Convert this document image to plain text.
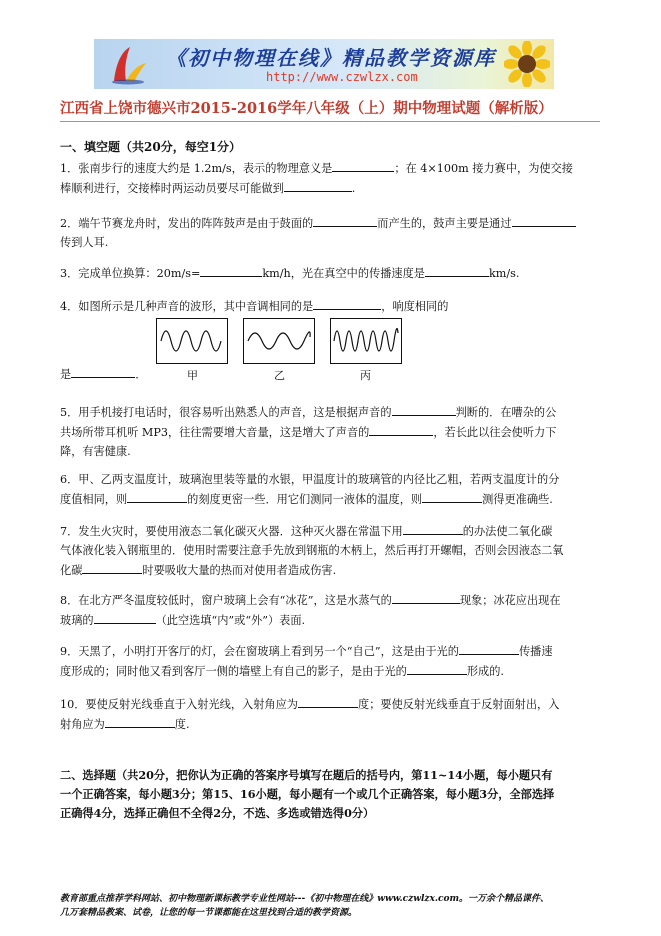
《初中物理在线》精品教学资源库
http://www.czwlzx.com
江西省上饶市德兴市2015-2016学年八年级（上）期中物理试题（解析版）
一、填空题（共20分，每空1分）
1．张南步行的速度大约是 1.2m/s，表示的物理意义是	；在 4×100m 接力赛中，为使交接
棒顺利进行，交接棒时两运动员要尽可能做到	.
2．端午节赛龙舟时，发出的阵阵鼓声是由于鼓面的	而产生的，鼓声主要是通过
传到人耳.
3．完成单位换算：20m/s=	km/h，光在真空中的传播速度是	km/s.
4．如图所示是几种声音的波形，其中音调相同的是	，响度相同的
甲	乙	丙
是	．
5．用手机接打电话时，很容易听出熟悉人的声音，这是根据声音的	判断的．在嘈杂的公
共场所带耳机听 MP3，往往需要增大音量，这是增大了声音的	，若长此以往会使听力下
降，有害健康.
6．甲、乙两支温度计，玻璃泡里装等量的水银，甲温度计的玻璃管的内径比乙粗，若两支温度计的分
度值相同，则	的刻度更密一些．用它们测同一液体的温度，则	测得更准确些.
7．发生火灾时，要使用液态二氧化碳灭火器．这种灭火器在常温下用	的办法使二氧化碳
气体液化装入钢瓶里的．使用时需要注意手先放到钢瓶的木柄上，然后再打开螺帽，否则会因液态二氧
化碳	时要吸收大量的热而对使用者造成伤害.
8．在北方严冬温度较低时，窗户玻璃上会有“冰花”，这是水蒸气的	现象；冰花应出现在
玻璃的	（此空选填“内”或“外”）表面.
9．天黑了，小明打开客厅的灯，会在窗玻璃上看到另一个“自己”，这是由于光的	传播速
度形成的；同时他又看到客厅一侧的墙壁上有自己的影子，是由于光的	形成的.
10．要使反射光线垂直于入射光线，入射角应为	度；要使反射光线垂直于反射面射出，入
射角应为	度.
二、选择题（共20分，把你认为正确的答案序号填写在题后的括号内，第11~14小题，每小题只有
一个正确答案，每小题3分；第15、16小题，每小题有一个或几个正确答案，每小题3分，全部选择
正确得4分，选择正确但不全得2分，不选、多选或错选得0分）
教育部重点推荐学科网站、初中物理新课标教学专业性网站---《初中物理在线》www.czwlzx.com。一万余个精品课件、
几万套精品教案、试卷，让您的每一节课都能在这里找到合适的教学资源。
